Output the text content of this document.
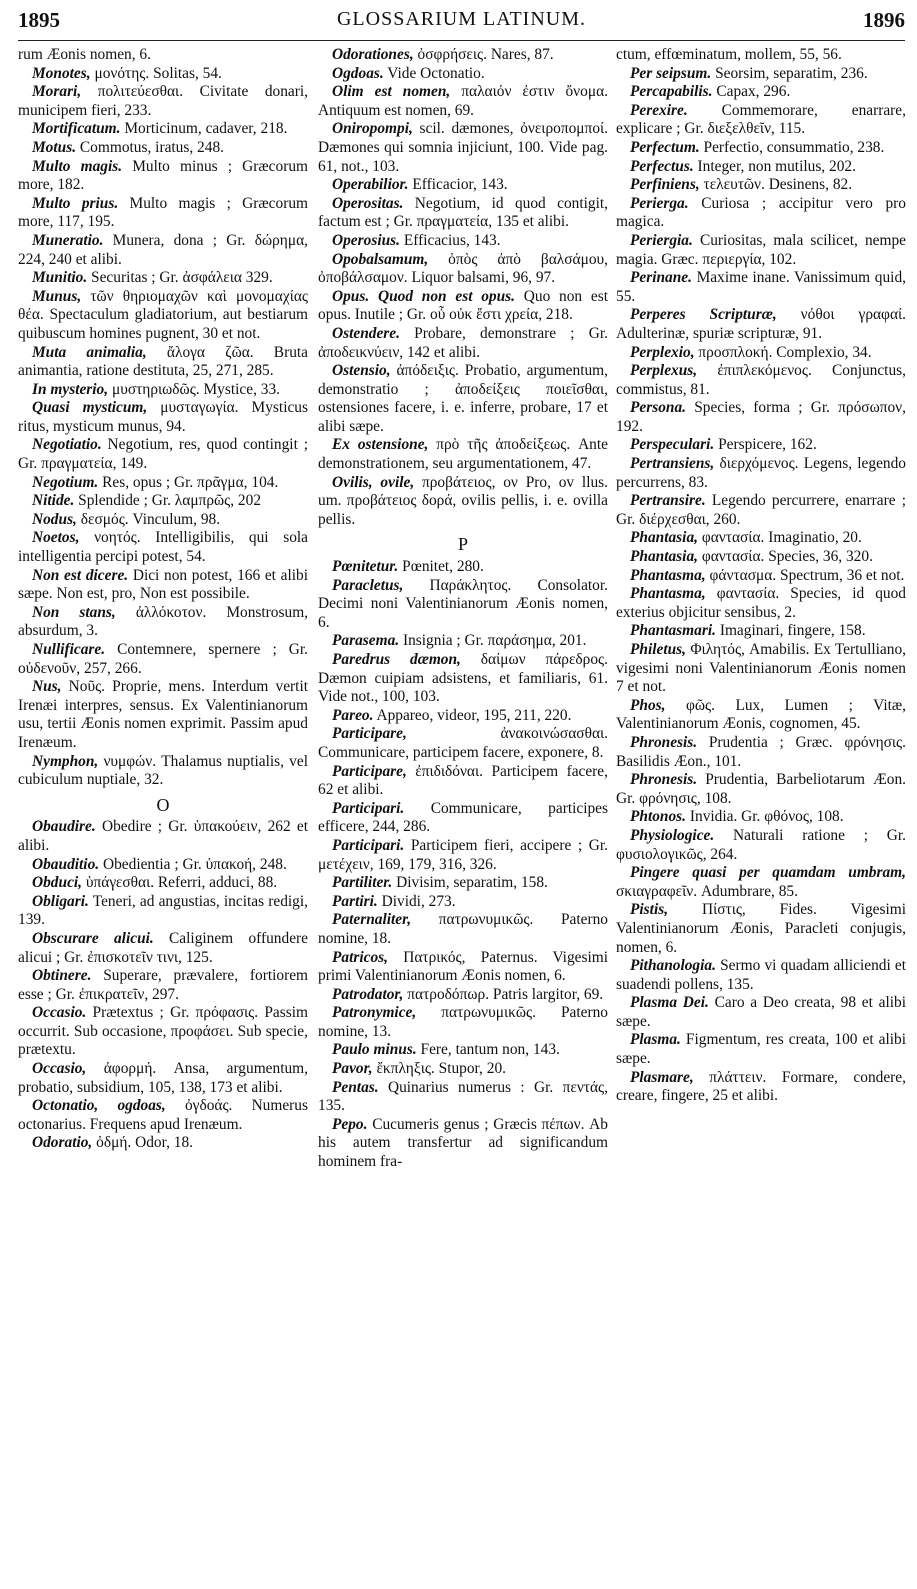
1895	GLOSSARIUM LATINUM.	1896

rum Æonis nomen, 6.

Monotes, μονότης. Solitas, 54.

Morari, πολιτεύεσθαι. Civitate donari, municipem fieri, 233.

Mortificatum. Morticinum, cadaver, 218.

Motus. Commotus, iratus, 248.

Multo magis. Multo minus ; Græcorum more, 182.

Multo prius. Multo magis ; Græcorum more, 117, 195.

Muneratio. Munera, dona ; Gr. δώρημα, 224, 240 et alibi.

Munitio. Securitas ; Gr. ἀσφάλεια 329.

Munus, τῶν θηριομαχῶν καὶ μονομαχίας θέα. Spectaculum gladiatorium, aut bestiarum quibuscum homines pugnent, 30 et not.

Muta animalia, ἄλογα ζῶα. Bruta animantia, ratione destituta, 25, 271, 285.

In mysterio, μυστηριωδῶς. Mystice, 33.

Quasi mysticum, μυσταγωγία. Mysticus ritus, mysticum munus, 94.

Negotiatio. Negotium, res, quod contingit ; Gr. πραγματεία, 149.

Negotium. Res, opus ; Gr. πρᾶγμα, 104.

Nitide. Splendide ; Gr. λαμπρῶς, 202

Nodus, δεσμός. Vinculum, 98.

Noetos, νοητός. Intelligibilis, qui sola intelligentia percipi potest, 54.

Non est dicere. Dici non potest, 166 et alibi sæpe. Non est, pro, Non est possibile.

Non stans, ἀλλόκοτον. Monstrosum, absurdum, 3.

Nullificare. Contemnere, spernere ; Gr. οὐδενοῦν, 257, 266.

Nus, Νοῦς. Proprie, mens. Interdum vertit Irenæi interpres, sensus. Ex Valentinianorum usu, tertii Æonis nomen exprimit. Passim apud Irenæum.

Nymphon, νυμφών. Thalamus nuptialis, vel cubiculum nuptiale, 32.

O

Obaudire. Obedire ; Gr. ὑπακούειν, 262 et alibi.

Obauditio. Obedientia ; Gr. ὑπακοή, 248.

Obduci, ὑπάγεσθαι. Referri, adduci, 88.

Obligari. Teneri, ad angustias, incitas redigi, 139.

Obscurare alicui. Caliginem offundere alicui ; Gr. ἐπισκοτεῖν τινι, 125.

Obtinere. Superare, prævalere, fortiorem esse ; Gr. ἐπικρατεῖν, 297.

Occasio. Prætextus ; Gr. πρόφασις. Passim occurrit. Sub occasione, προφάσει. Sub specie, prætextu.

Occasio, ἀφορμή. Ansa, argumentum, probatio, subsidium, 105, 138, 173 et alibi.

Octonatio, ogdoas, ὀγδοάς. Numerus octonarius. Frequens apud Irenæum.

Odoratio, ὀδμή. Odor, 18.

Odorationes, ὀσφρήσεις. Nares, 87.

Ogdoas. Vide Octonatio.

Olim est nomen, παλαιόν ἐστιν ὄνομα. Antiquum est nomen, 69.

Oniropompi, scil. dæmones, ὀνειροπομποί. Dæmones qui somnia injiciunt, 100. Vide pag. 61, not., 103.

Operabilior. Efficacior, 143.

Operositas. Negotium, id quod contigit, factum est ; Gr. πραγματεία, 135 et alibi.

Operosius. Efficacius, 143.

Opobalsamum, ὀπὸς ἀπὸ βαλσάμου, ὀποβάλσαμον. Liquor balsami, 96, 97.

Opus. Quod non est opus. Quo non est opus. Inutile ; Gr. οὗ οὐκ ἔστι χρεία, 218.

Ostendere. Probare, demonstrare ; Gr. ἀποδεικνύειν, 142 et alibi.

Ostensio, ἀπόδειξις. Probatio, argumentum, demonstratio ; ἀποδείξεις ποιεῖσθαι, ostensiones facere, i. e. inferre, probare, 17 et alibi sæpe.

Ex ostensione, πρὸ τῆς ἀποδείξεως. Ante demonstrationem, seu argumentationem, 47.

Ovilis, ovile, προβάτειος, ον Pro, ov llus. um. προβάτειος δορά, ovilis pellis, i. e. ovilla pellis.

P

Pœnitetur. Pœnitet, 280.

Paracletus, Παράκλητος. Consolator. Decimi noni Valentinianorum Æonis nomen, 6.

Parasema. Insignia ; Gr. παράσημα, 201.

Paredrus dæmon, δαίμων πάρεδρος. Dæmon cuipiam adsistens, et familiaris, 61. Vide not., 100, 103.

Pareo. Appareo, videor, 195, 211, 220.

Participare, ἀνακοινώσασθαι. Communicare, participem facere, exponere, 8.

Participare, ἐπιδιδόναι. Participem facere, 62 et alibi.

Participari. Communicare, participes efficere, 244, 286.

Participari. Participem fieri, accipere ; Gr. μετέχειν, 169, 179, 316, 326.

Partiliter. Divisim, separatim, 158.

Partiri. Dividi, 273.

Paternaliter, πατρωνυμικῶς. Paterno nomine, 18.

Patricos, Πατρικός, Paternus. Vigesimi primi Valentinianorum Æonis nomen, 6.

Patrodator, πατροδόπωρ. Patris largitor, 69.

Patronymice, πατρωνυμικῶς. Paterno nomine, 13.

Paulo minus. Fere, tantum non, 143.

Pavor, ἔκπληξις. Stupor, 20.

Pentas. Quinarius numerus : Gr. πεντάς, 135.

Pepo. Cucumeris genus ; Græcis πέπων. Ab his autem transfertur ad significandum hominem fra-

ctum, effœminatum, mollem, 55, 56.

Per seipsum. Seorsim, separatim, 236.

Percapabilis. Capax, 296.

Perexire. Commemorare, enarrare, explicare ; Gr. διεξελθεῖν, 115.

Perfectum. Perfectio, consummatio, 238.

Perfectus. Integer, non mutilus, 202.

Perfiniens, τελευτῶν. Desinens, 82.

Perierga. Curiosa ; accipitur vero pro magica.

Periergia. Curiositas, mala scilicet, nempe magia. Græc. περιεργία, 102.

Perinane. Maxime inane. Vanissimum quid, 55.

Perperes Scripturæ, νόθοι γραφαί. Adulterinæ, spuriæ scripturæ, 91.

Perplexio, προσπλοκή. Complexio, 34.

Perplexus, ἐπιπλεκόμενος. Conjunctus, commistus, 81.

Persona. Species, forma ; Gr. πρόσωπον, 192.

Perspeculari. Perspicere, 162.

Pertransiens, διερχόμενος. Legens, legendo percurrens, 83.

Pertransire. Legendo percurrere, enarrare ; Gr. διέρχεσθαι, 260.

Phantasia, φαντασία. Imaginatio, 20.

Phantasia, φαντασία. Species, 36, 320.

Phantasma, φάντασμα. Spectrum, 36 et not.

Phantasma, φαντασία. Species, id quod exterius objicitur sensibus, 2.

Phantasmari. Imaginari, fingere, 158.

Philetus, Φιλητός, Amabilis. Ex Tertulliano, vigesimi noni Valentinianorum Æonis nomen 7 et not.

Phos, φῶς. Lux, Lumen ; Vitæ, Valentinianorum Æonis, cognomen, 45.

Phronesis. Prudentia ; Græc. φρόνησις. Basilidis Æon., 101.

Phronesis. Prudentia, Barbeliotarum Æon. Gr. φρόνησις, 108.

Phtonos. Invidia. Gr. φθόνος, 108.

Physiologice. Naturali ratione ; Gr. φυσιολογικῶς, 264.

Pingere quasi per quamdam umbram, σκιαγραφεῖν. Adumbrare, 85.

Pistis, Πίστις, Fides. Vigesimi Valentinianorum Æonis, Paracleti conjugis, nomen, 6.

Pithanologia. Sermo vi quadam alliciendi et suadendi pollens, 135.

Plasma Dei. Caro a Deo creata, 98 et alibi sæpe.

Plasma. Figmentum, res creata, 100 et alibi sæpe.

Plasmare, πλάττειν. Formare, condere, creare, fingere, 25 et alibi.
